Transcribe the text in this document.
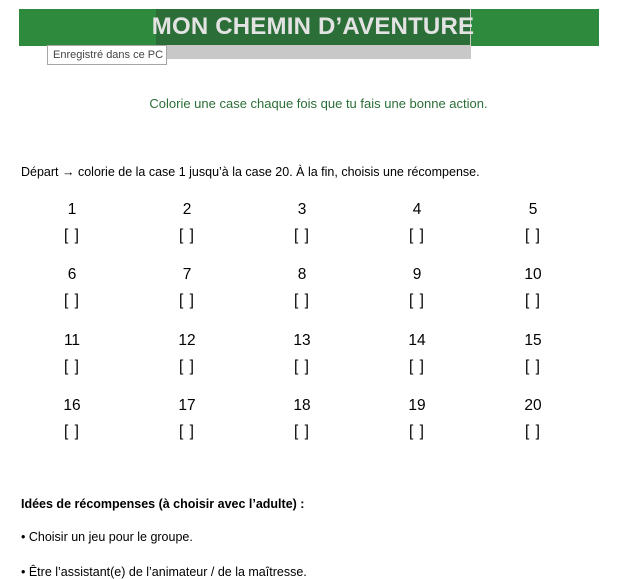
MON CHEMIN D’AVENTURE
Enregistré dans ce PC
Colorie une case chaque fois que tu fais une bonne action.
Départ → colorie de la case 1 jusqu’à la case 20. À la fin, choisis une récompense.
1
[ ]
2
[ ]
3
[ ]
4
[ ]
5
[ ]
6
[ ]
7
[ ]
8
[ ]
9
[ ]
10
[ ]
11
[ ]
12
[ ]
13
[ ]
14
[ ]
15
[ ]
16
[ ]
17
[ ]
18
[ ]
19
[ ]
20
[ ]
Idées de récompenses (à choisir avec l’adulte) :
• Choisir un jeu pour le groupe.
• Être l’assistant(e) de l’animateur / de la maîtresse.
